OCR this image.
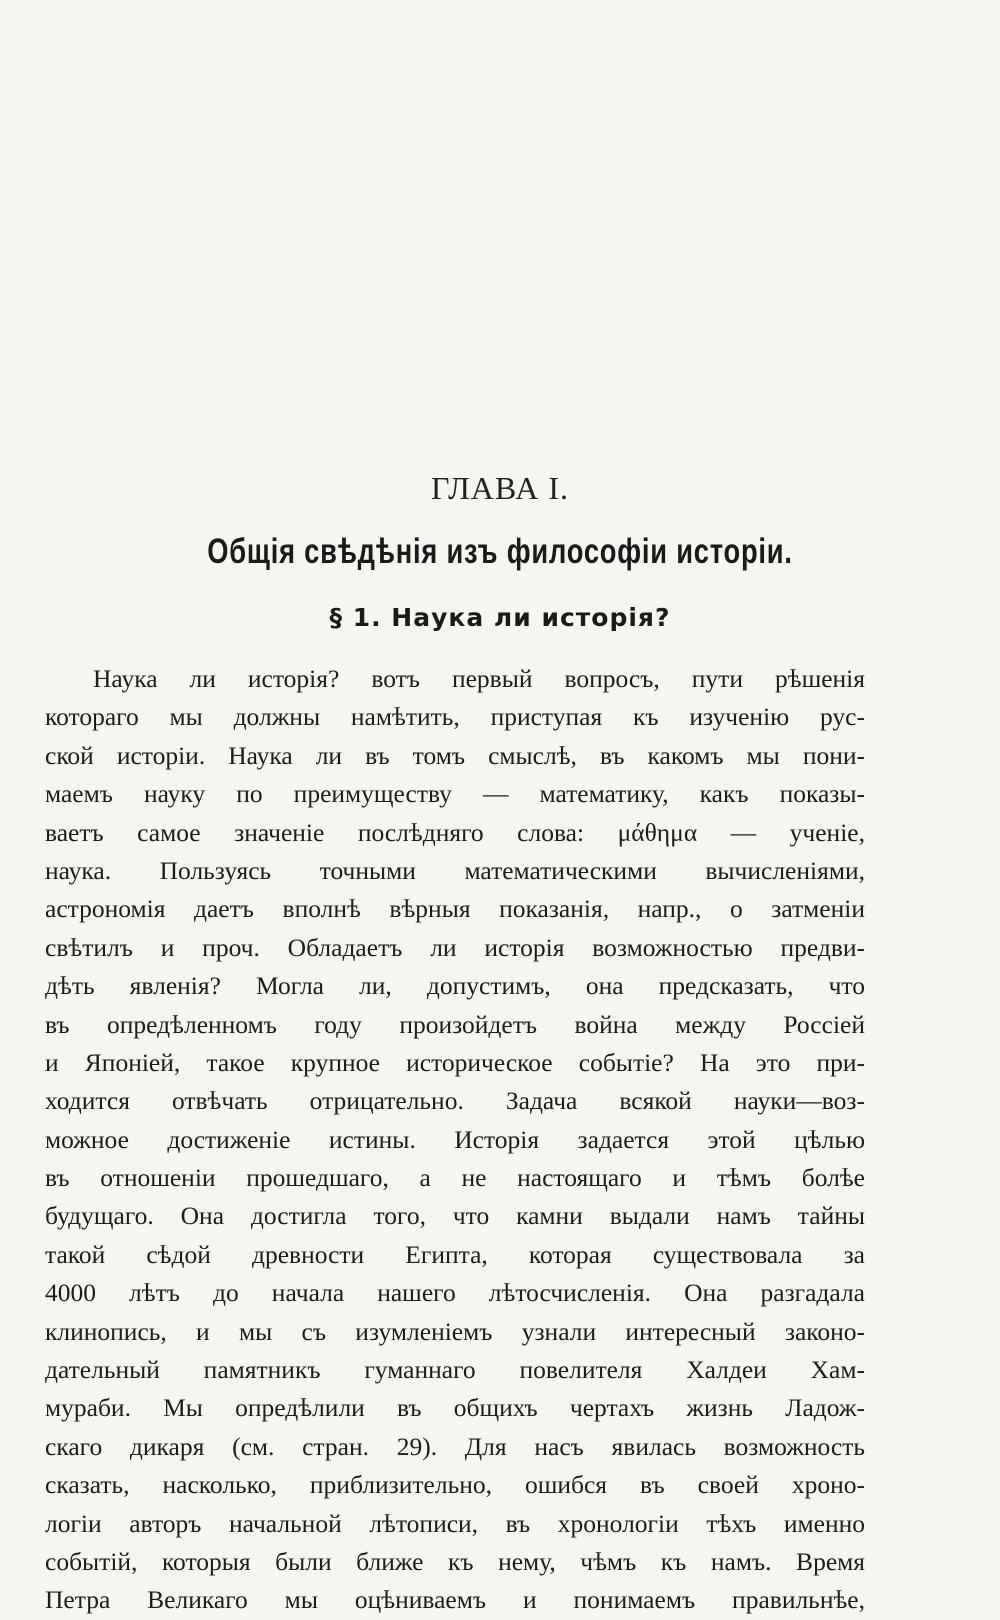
ГЛАВА I.
Общія свѣдѣнія изъ философіи исторіи.
§ 1. Наука ли исторія?
Наука ли исторія? вотъ первый вопросъ, пути рѣшенія
котораго мы должны намѣтить, приступая къ изученію рус-
ской исторіи. Наука ли въ томъ смыслѣ, въ какомъ мы пони-
маемъ науку по преимуществу — математику, какъ показы-
ваетъ самое значеніе послѣдняго слова: μάθημα — ученіе,
наука. Пользуясь точными математическими вычисленіями,
астрономія даетъ вполнѣ вѣрныя показанія, напр., о затменіи
свѣтилъ и проч. Обладаетъ ли исторія возможностью предви-
дѣть явленія? Могла ли, допустимъ, она предсказать, что
въ опредѣленномъ году произойдетъ война между Россіей
и Японіей, такое крупное историческое событіе? На это при-
ходится отвѣчать отрицательно. Задача всякой науки—воз-
можное достиженіе истины. Исторія задается этой цѣлью
въ отношеніи прошедшаго, а не настоящаго и тѣмъ болѣе
будущаго. Она достигла того, что камни выдали намъ тайны
такой сѣдой древности Египта, которая существовала за
4000 лѣтъ до начала нашего лѣтосчисленія. Она разгадала
клинопись, и мы съ изумленіемъ узнали интересный законо-
дательный памятникъ гуманнаго повелителя Халдеи Хам-
мураби. Мы опредѣлили въ общихъ чертахъ жизнь Ладож-
скаго дикаря (см. стран. 29). Для насъ явилась возможность
сказать, насколько, приблизительно, ошибся въ своей хроно-
логіи авторъ начальной лѣтописи, въ хронологіи тѣхъ именно
событій, которыя были ближе къ нему, чѣмъ къ намъ. Время
Петра Великаго мы оцѣниваемъ и понимаемъ правильнѣе,
